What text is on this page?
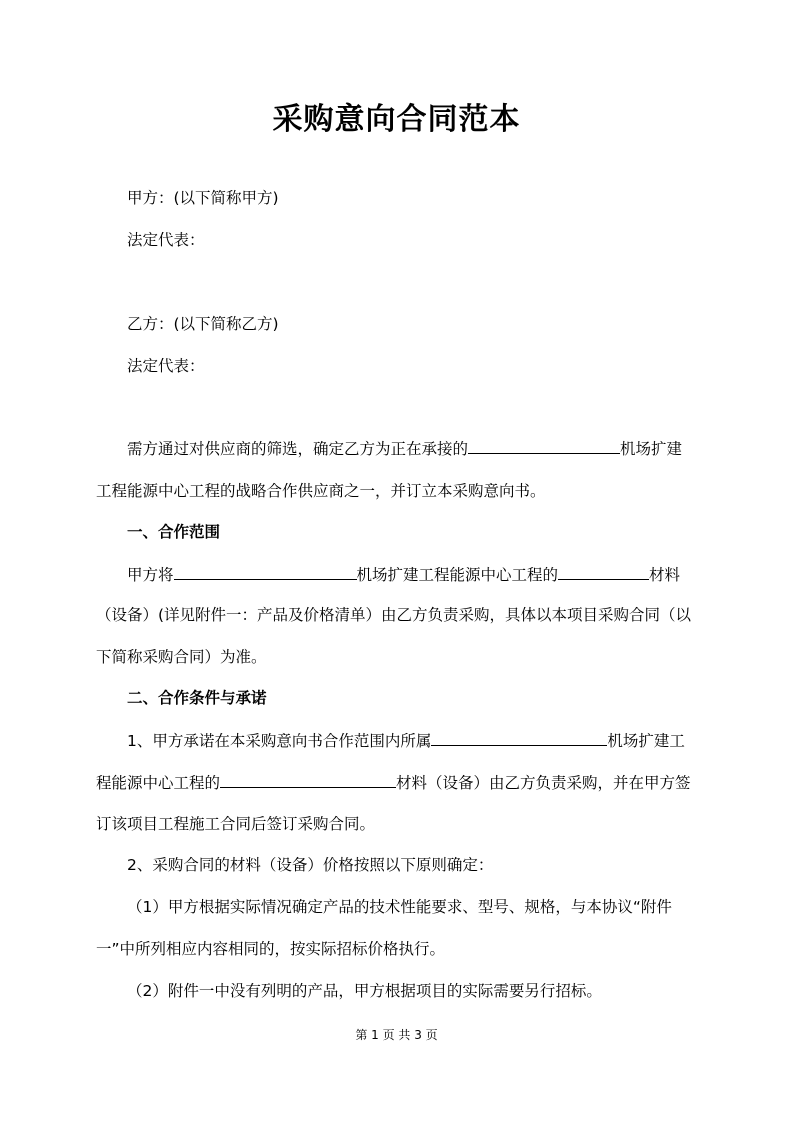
采购意向合同范本
甲方：(以下简称甲方)
法定代表：
乙方：(以下简称乙方)
法定代表：
需方通过对供应商的筛选，确定乙方为正在承接的	机场扩建
工程能源中心工程的战略合作供应商之一，并订立本采购意向书。
一、合作范围
甲方将	机场扩建工程能源中心工程的	材料
（设备）(详见附件一：产品及价格清单）由乙方负责采购，具体以本项目采购合同（以
下简称采购合同）为准。
二、合作条件与承诺
1、甲方承诺在本采购意向书合作范围内所属	机场扩建工
程能源中心工程的	材料（设备）由乙方负责采购，并在甲方签
订该项目工程施工合同后签订采购合同。
2、采购合同的材料（设备）价格按照以下原则确定：
（1）甲方根据实际情况确定产品的技术性能要求、型号、规格，与本协议“附件
一”中所列相应内容相同的，按实际招标价格执行。
（2）附件一中没有列明的产品，甲方根据项目的实际需要另行招标。
第 1 页 共 3 页
